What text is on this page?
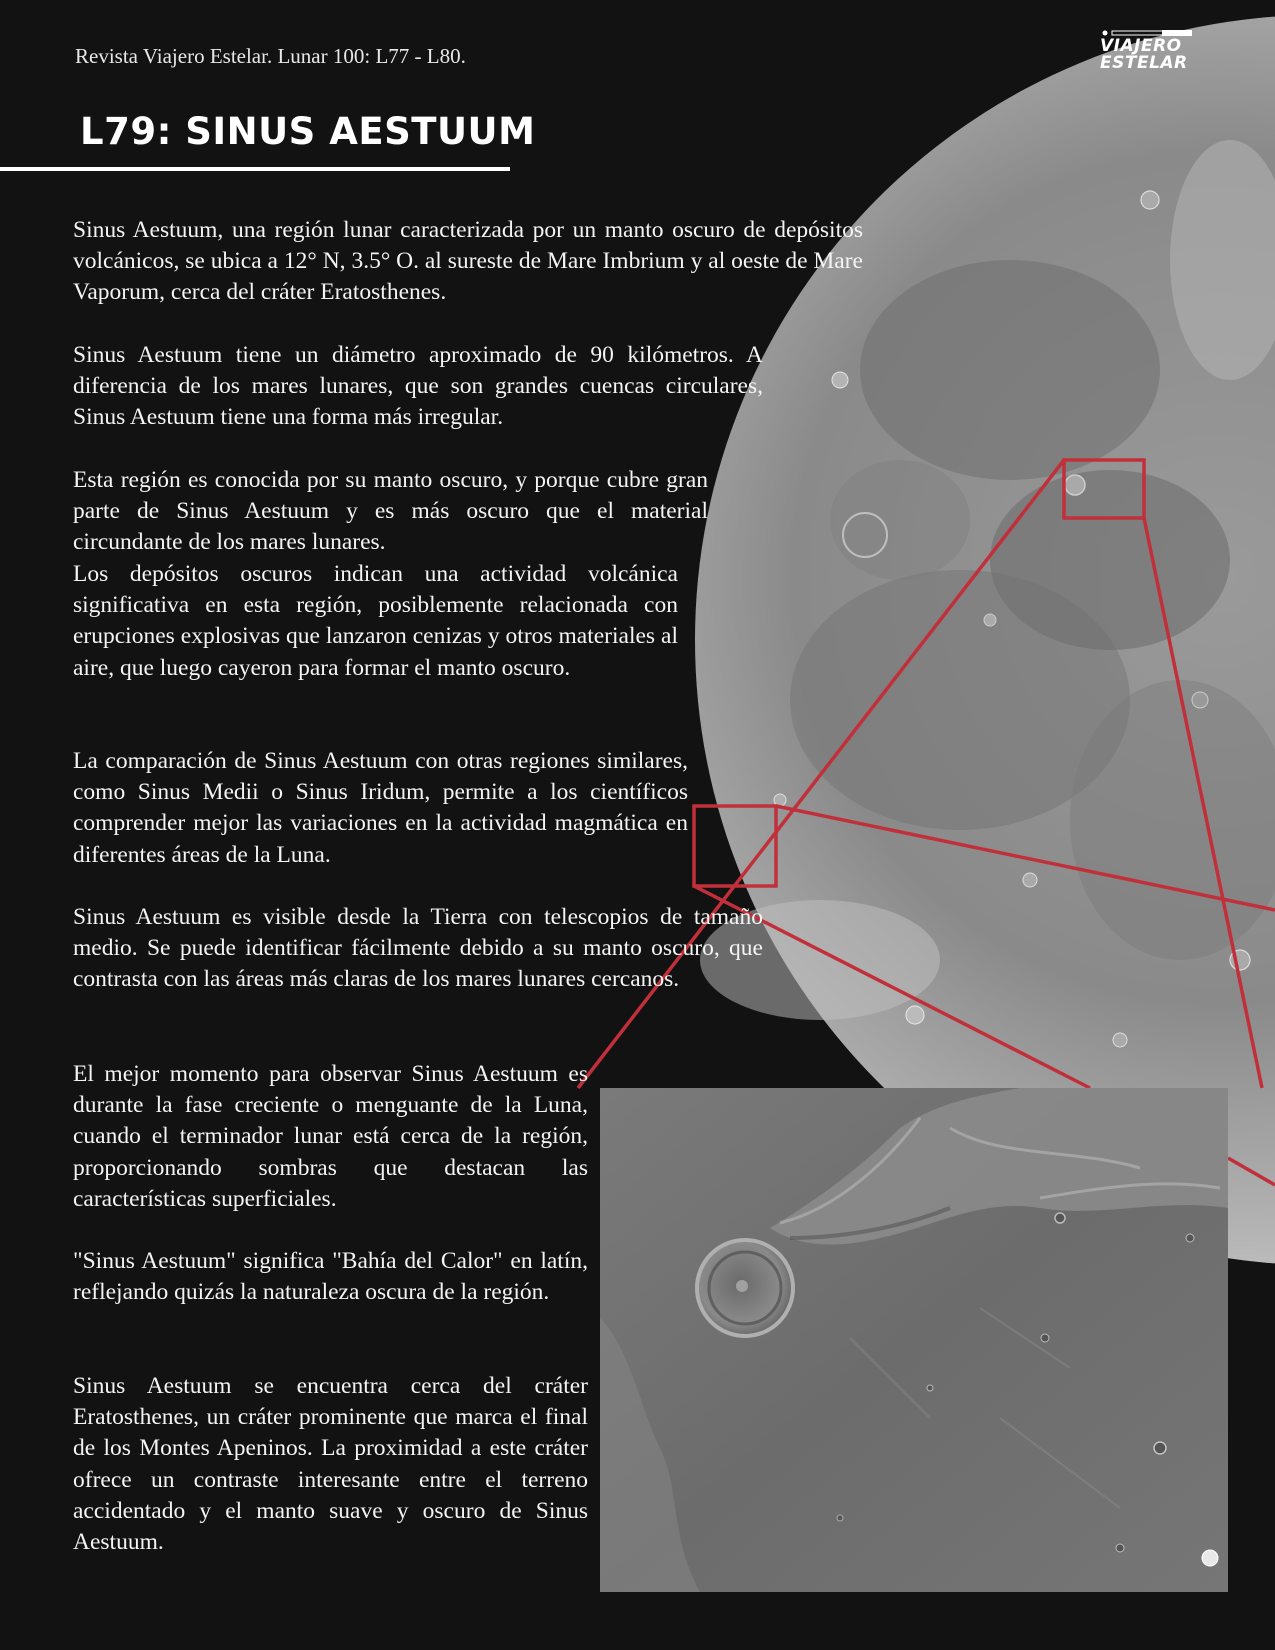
Revista Viajero Estelar. Lunar 100: L77 - L80.	VIAJERO
ESTELAR
L79: SINUS AESTUUM

Sinus Aestuum, una región lunar caracterizada por un manto oscuro de depósitos volcánicos, se ubica a 12° N, 3.5° O. al sureste de Mare Imbrium y al oeste de Mare Vaporum, cerca del cráter Eratosthenes.

Sinus Aestuum tiene un diámetro aproximado de 90 kilómetros. A diferencia de los mares lunares, que son grandes cuencas circulares, Sinus Aestuum tiene una forma más irregular.

Esta región es conocida por su manto oscuro, y porque cubre gran parte de Sinus Aestuum y es más oscuro que el material circundante de los mares lunares.

Los depósitos oscuros indican una actividad volcánica significativa en esta región, posiblemente relacionada con erupciones explosivas que lanzaron cenizas y otros materiales al aire, que luego cayeron para formar el manto oscuro.

La comparación de Sinus Aestuum con otras regiones similares, como Sinus Medii o Sinus Iridum, permite a los científicos comprender mejor las variaciones en la actividad magmática en diferentes áreas de la Luna.

Sinus Aestuum es visible desde la Tierra con telescopios de tamaño medio. Se puede identificar fácilmente debido a su manto oscuro, que contrasta con las áreas más claras de los mares lunares cercanos.

El mejor momento para observar Sinus Aestuum es durante la fase creciente o menguante de la Luna, cuando el terminador lunar está cerca de la región, proporcionando sombras que destacan las características superficiales.

"Sinus Aestuum" significa "Bahía del Calor" en latín, reflejando quizás la naturaleza oscura de la región.

Sinus Aestuum se encuentra cerca del cráter Eratosthenes, un cráter prominente que marca el final de los Montes Apeninos. La proximidad a este cráter ofrece un contraste interesante entre el terreno accidentado y el manto suave y oscuro de Sinus Aestuum.
